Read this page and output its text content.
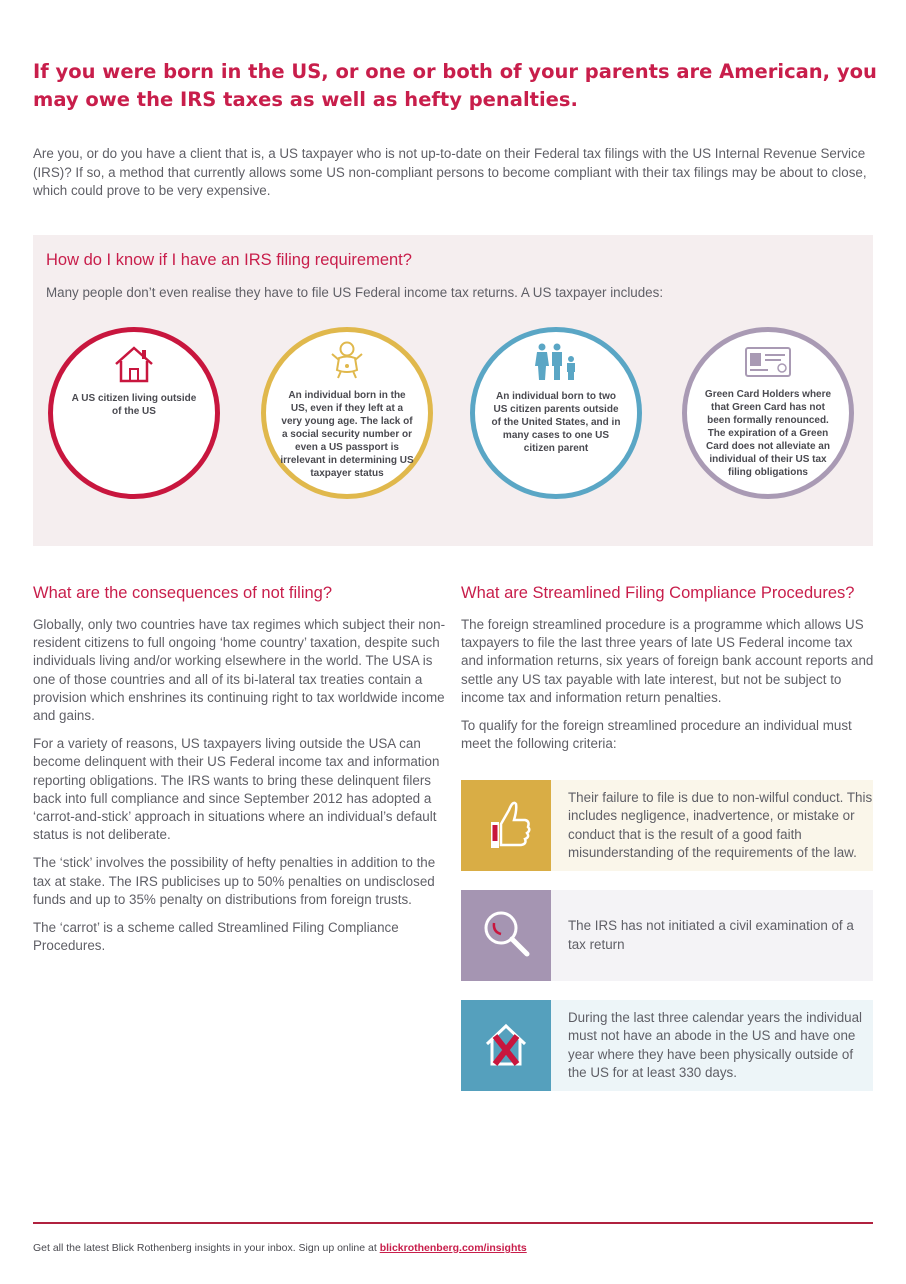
If you were born in the US, or one or both of your parents are American, you may owe the IRS taxes as well as hefty penalties.
Are you, or do you have a client that is, a US taxpayer who is not up-to-date on their Federal tax filings with the US Internal Revenue Service (IRS)? If so, a method that currently allows some US non-compliant persons to become compliant with their tax filings may be about to close, which could prove to be very expensive.
How do I know if I have an IRS filing requirement?
Many people don’t even realise they have to file US Federal income tax returns. A US taxpayer includes:
A US citizen living outside of the US
An individual born in the US, even if they left at a very young age. The lack of a social security number or even a US passport is irrelevant in determining US taxpayer status
An individual born to two US citizen parents outside of the United States, and in many cases to one US citizen parent
Green Card Holders where that Green Card has not been formally renounced. The expiration of a Green Card does not alleviate an individual of their US tax filing obligations
What are the consequences of not filing?

Globally, only two countries have tax regimes which subject their non-resident citizens to full ongoing ‘home country’ taxation, despite such individuals living and/or working elsewhere in the world. The USA is one of those countries and all of its bi-lateral tax treaties contain a provision which enshrines its continuing right to tax worldwide income and gains.

For a variety of reasons, US taxpayers living outside the USA can become delinquent with their US Federal income tax and information reporting obligations. The IRS wants to bring these delinquent filers back into full compliance and since September 2012 has adopted a ‘carrot-and-stick’ approach in situations where an individual’s default status is not deliberate.

The ‘stick’ involves the possibility of hefty penalties in addition to the tax at stake. The IRS publicises up to 50% penalties on undisclosed funds and up to 35% penalty on distributions from foreign trusts.

The ‘carrot’ is a scheme called Streamlined Filing Compliance Procedures.

What are Streamlined Filing Compliance Procedures?

The foreign streamlined procedure is a programme which allows US taxpayers to file the last three years of late US Federal income tax and information returns, six years of foreign bank account reports and settle any US tax payable with late interest, but not be subject to income tax and information return penalties.

To qualify for the foreign streamlined procedure an individual must meet the following criteria:

Their failure to file is due to non-wilful conduct. This includes negligence, inadvertence, or mistake or conduct that is the result of a good faith misunderstanding of the requirements of the law.
The IRS has not initiated a civil examination of a tax return
During the last three calendar years the individual must not have an abode in the US and have one year where they have been physically outside of the US for at least 330 days.
Get all the latest Blick Rothenberg insights in your inbox. Sign up online at blickrothenberg.com/insights
